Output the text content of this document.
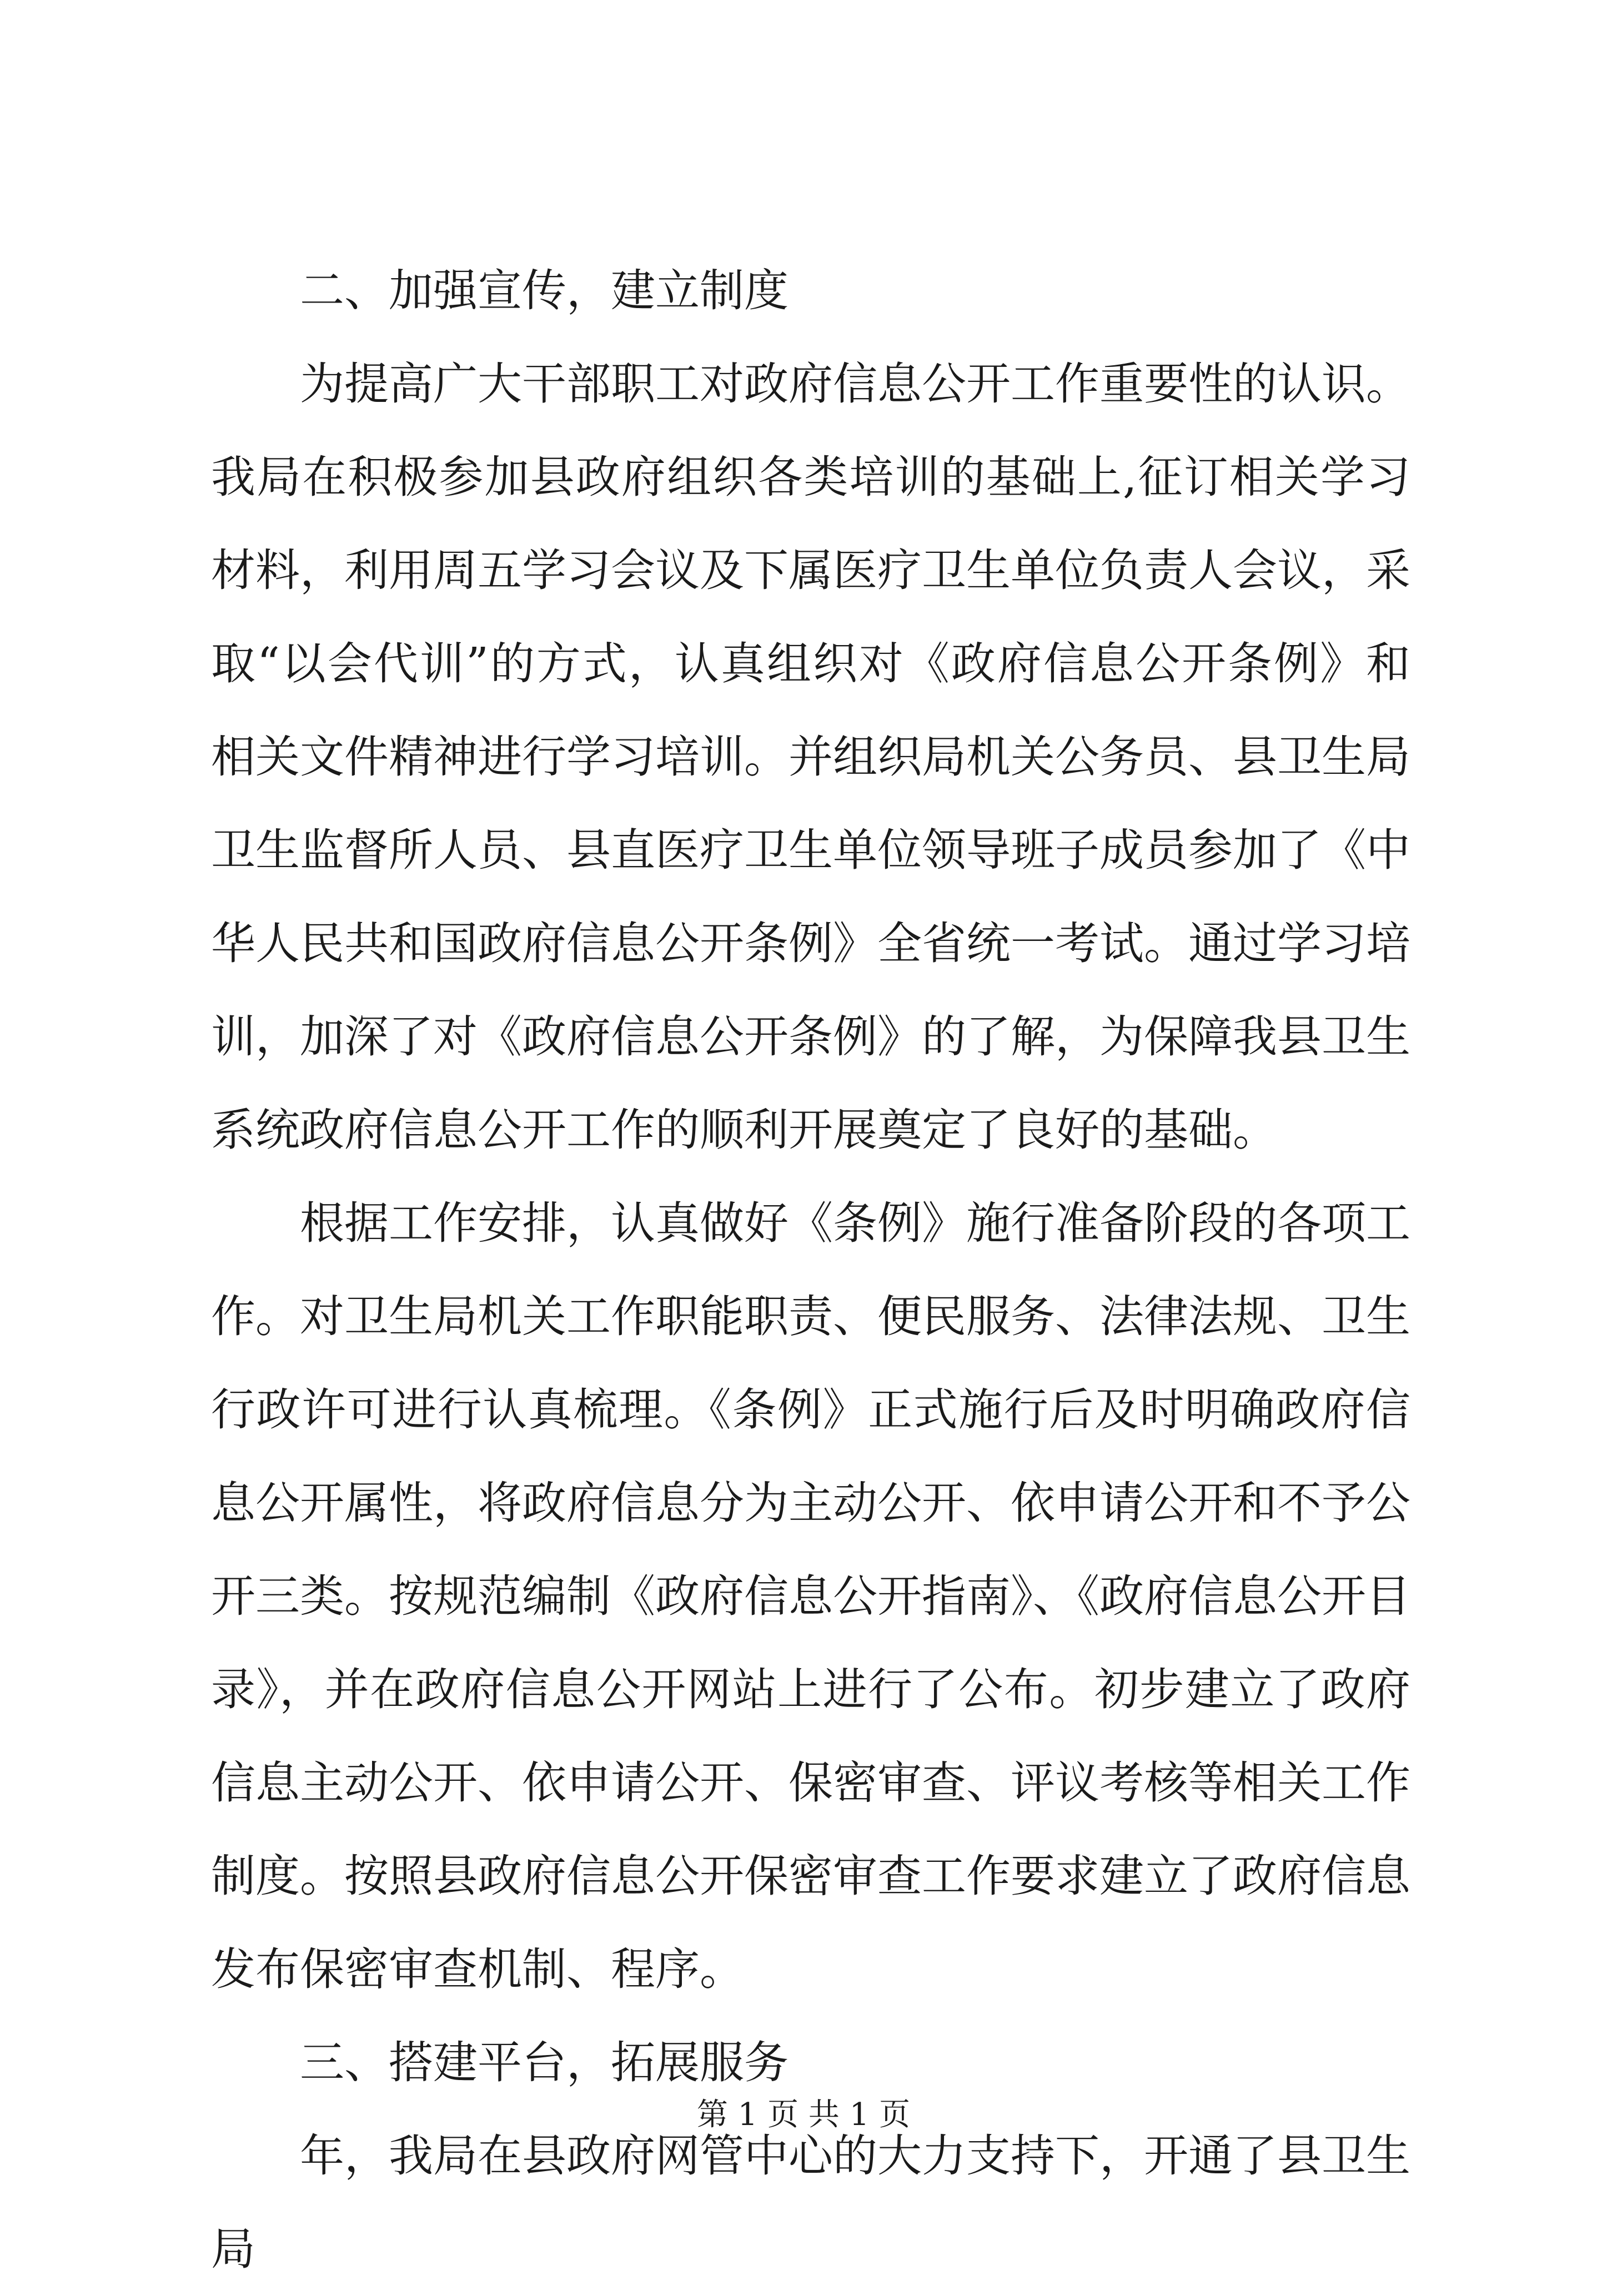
二、加强宣传，建立制度

为提高广大干部职工对政府信息公开工作重要性的认识。我局在积极参加县政府组织各类培训的基础上,征订相关学习材料，利用周五学习会议及下属医疗卫生单位负责人会议，采取“以会代训”的方式，认真组织对《政府信息公开条例》和相关文件精神进行学习培训。并组织局机关公务员、县卫生局卫生监督所人员、县直医疗卫生单位领导班子成员参加了《中华人民共和国政府信息公开条例》全省统一考试。通过学习培训，加深了对《政府信息公开条例》的了解，为保障我县卫生系统政府信息公开工作的顺利开展奠定了良好的基础。

根据工作安排，认真做好《条例》施行准备阶段的各项工作。对卫生局机关工作职能职责、便民服务、法律法规、卫生行政许可进行认真梳理。《条例》正式施行后及时明确政府信息公开属性，将政府信息分为主动公开、依申请公开和不予公开三类。按规范编制《政府信息公开指南》、《政府信息公开目录》，并在政府信息公开网站上进行了公布。初步建立了政府信息主动公开、依申请公开、保密审查、评议考核等相关工作制度。按照县政府信息公开保密审查工作要求建立了政府信息发布保密审查机制、程序。

三、搭建平台，拓展服务

年，我局在县政府网管中心的大力支持下，开通了县卫生局

第 1 页 共 1 页
